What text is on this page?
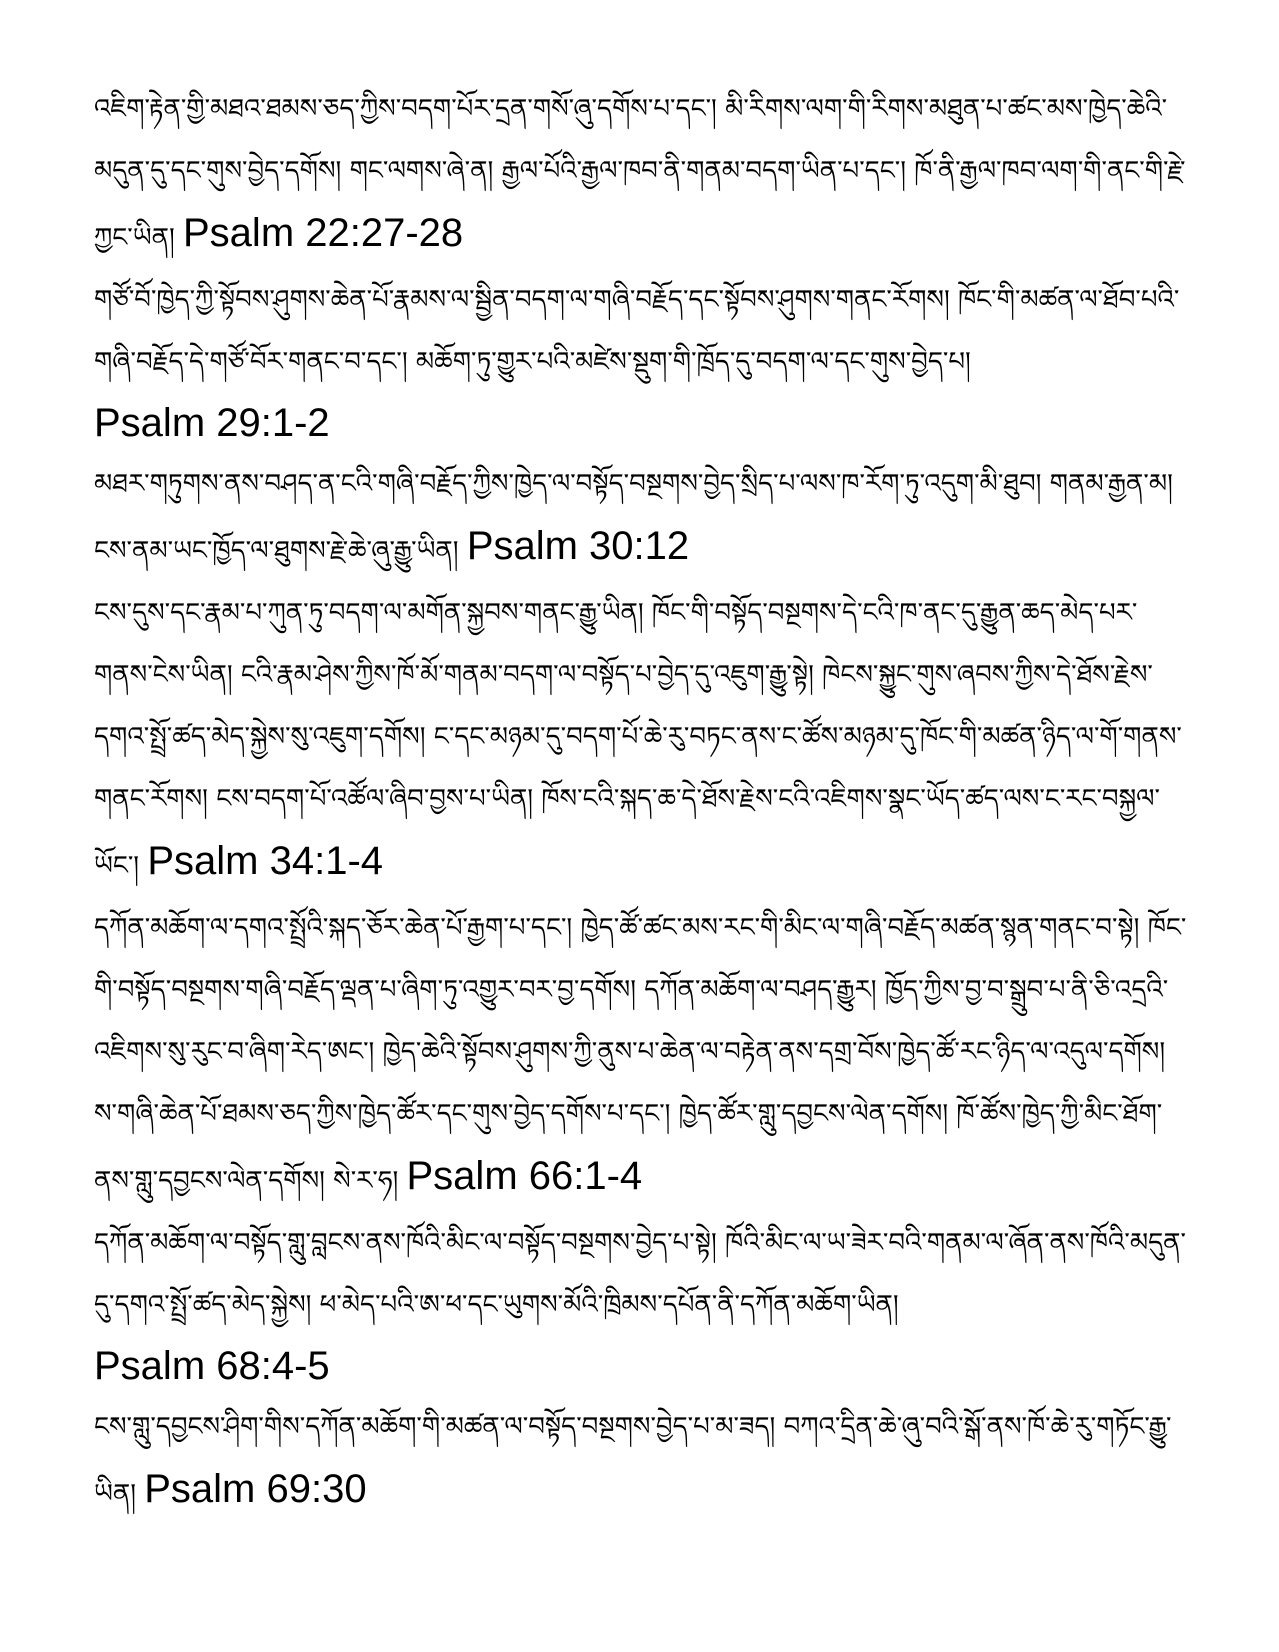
འཇིག་རྟེན་གྱི་མཐའ་ཐམས་ཅད་ཀྱིས་བདག་པོར་དྲན་གསོ་ཞུ་དགོས་པ་དང་། མི་རིགས་ལག་གི་རིགས་མཐུན་པ་ཚང་མས་ཁྱེད་ཆེའི་མདུན་དུ་དང་གུས་བྱེད་དགོས། གང་ལགས་ཞེ་ན། རྒྱལ་པོའི་རྒྱལ་ཁབ་ནི་གནམ་བདག་ཡིན་པ་དང་། ཁོ་ནི་རྒྱལ་ཁབ་ལག་གི་ནང་གི་རྗེ་ཀྱང་ཡིན། Psalm 22:27-28

གཙོ་བོ་ཁྱེད་ཀྱི་སྟོབས་ཤུགས་ཆེན་པོ་རྣམས་ལ་སྦྱིན་བདག་ལ་གཞི་བརྗོད་དང་སྟོབས་ཤུགས་གནང་རོགས། ཁོང་གི་མཚན་ལ་ཐོབ་པའི་གཞི་བརྗོད་དེ་གཙོ་བོར་གནང་བ་དང་། མཆོག་ཏུ་གྱུར་པའི་མཛེས་སྡུག་གི་ཁྲོད་དུ་བདག་ལ་དང་གུས་བྱེད་པ།
Psalm 29:1-2

མཐར་གཏུགས་ནས་བཤད་ན་ངའི་གཞི་བརྗོད་ཀྱིས་ཁྱེད་ལ་བསྟོད་བསྔགས་བྱེད་སྲིད་པ་ལས་ཁ་རོག་ཏུ་འདུག་མི་ཐུབ། གནམ་རྒྱན་མ། ངས་ནམ་ཡང་ཁྱོད་ལ་ཐུགས་རྗེ་ཆེ་ཞུ་རྒྱུ་ཡིན། Psalm 30:12

ངས་དུས་དང་རྣམ་པ་ཀུན་ཏུ་བདག་ལ་མགོན་སྐྱབས་གནང་རྒྱུ་ཡིན། ཁོང་གི་བསྟོད་བསྔགས་དེ་ངའི་ཁ་ནང་དུ་རྒྱུན་ཆད་མེད་པར་གནས་ངེས་ཡིན། ངའི་རྣམ་ཤེས་ཀྱིས་ཁོ་མོ་གནམ་བདག་ལ་བསྟོད་པ་བྱེད་དུ་འཇུག་རྒྱུ་སྟེ། ཁེངས་སྐྱུང་གུས་ཞབས་ཀྱིས་དེ་ཐོས་རྗེས་དགའ་སྤྲོ་ཚད་མེད་སྐྱེས་སུ་འཇུག་དགོས། ང་དང་མཉམ་དུ་བདག་པོ་ཆེ་རུ་བཏང་ནས་ང་ཚོས་མཉམ་དུ་ཁོང་གི་མཚན་ཉིད་ལ་གོ་གནས་གནང་རོགས། ངས་བདག་པོ་འཚོལ་ཞིབ་བྱས་པ་ཡིན། ཁོས་ངའི་སྐད་ཆ་དེ་ཐོས་རྗེས་ངའི་འཇིགས་སྣང་ཡོད་ཚད་ལས་ང་རང་བསྐྱལ་ཡོང་། Psalm 34:1-4

དཀོན་མཆོག་ལ་དགའ་སྤྲོའི་སྐད་ཅོར་ཆེན་པོ་རྒྱག་པ་དང་། ཁྱེད་ཚོ་ཚང་མས་རང་གི་མིང་ལ་གཞི་བརྗོད་མཚན་སྙན་གནང་བ་སྟེ། ཁོང་གི་བསྟོད་བསྔགས་གཞི་བརྗོད་ལྡན་པ་ཞིག་ཏུ་འགྱུར་བར་བྱ་དགོས། དཀོན་མཆོག་ལ་བཤད་རྒྱུར། ཁྱོད་ཀྱིས་བྱ་བ་སྒྲུབ་པ་ནི་ཅི་འདྲའི་འཇིགས་སུ་རུང་བ་ཞིག་རེད་ཨང་། ཁྱེད་ཆེའི་སྟོབས་ཤུགས་ཀྱི་ནུས་པ་ཆེན་ལ་བརྟེན་ནས་དགྲ་བོས་ཁྱེད་ཚོ་རང་ཉིད་ལ་འདུལ་དགོས། ས་གཞི་ཆེན་པོ་ཐམས་ཅད་ཀྱིས་ཁྱེད་ཚོར་དང་གུས་བྱེད་དགོས་པ་དང་། ཁྱེད་ཚོར་གླུ་དབྱངས་ལེན་དགོས། ཁོ་ཚོས་ཁྱེད་ཀྱི་མིང་ཐོག་ནས་གླུ་དབྱངས་ལེན་དགོས། སེ་ར་ཧ། Psalm 66:1-4

དཀོན་མཆོག་ལ་བསྟོད་གླུ་བླངས་ནས་ཁོའི་མིང་ལ་བསྟོད་བསྔགས་བྱེད་པ་སྟེ། ཁོའི་མིང་ལ་ཡ་ཟེར་བའི་གནམ་ལ་ཞོན་ནས་ཁོའི་མདུན་དུ་དགའ་སྤྲོ་ཚད་མེད་སྐྱེས། ཕ་མེད་པའི་ཨ་ཕ་དང་ཡུགས་མོའི་ཁྲིམས་དཔོན་ནི་དཀོན་མཆོག་ཡིན།
Psalm 68:4-5

ངས་གླུ་དབྱངས་ཤིག་གིས་དཀོན་མཆོག་གི་མཚན་ལ་བསྟོད་བསྔགས་བྱེད་པ་མ་ཟད། བཀའ་དྲིན་ཆེ་ཞུ་བའི་སྒོ་ནས་ཁོ་ཆེ་རུ་གཏོང་རྒྱུ་ཡིན། Psalm 69:30
